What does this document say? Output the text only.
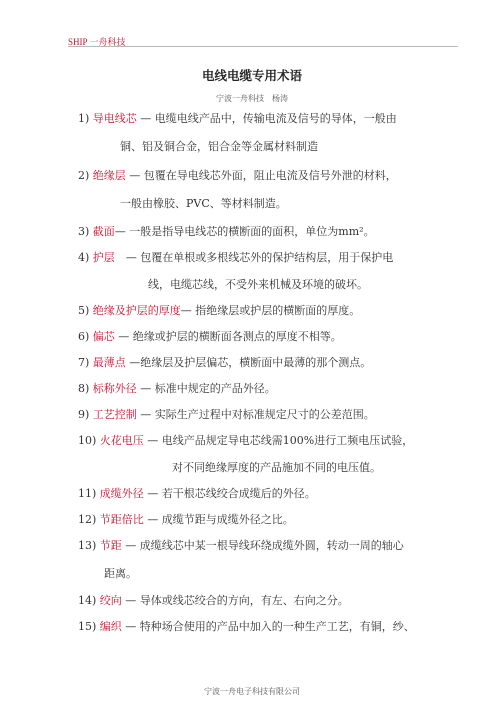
SHIP 一舟科技
电线电缆专用术语
宁波一舟科技　杨涛
1) 导电线芯 — 电缆电线产品中，传输电流及信号的导体，一般由
铜、铝及铜合金，铝合金等金属材料制造
2) 绝缘层 — 包覆在导电线芯外面，阻止电流及信号外泄的材料，
一般由橡胶、PVC、等材料制造。
3) 截面— 一般是指导电线芯的横断面的面积，单位为mm²。
4) 护层　— 包覆在单根或多根线芯外的保护结构层，用于保护电
线，电缆芯线，不受外来机械及环境的破坏。
5) 绝缘及护层的厚度— 指绝缘层或护层的横断面的厚度。
6) 偏芯 — 绝缘或护层的横断面各测点的厚度不相等。
7) 最薄点 —绝缘层及护层偏芯，横断面中最薄的那个测点。
8) 标称外径 — 标准中规定的产品外径。
9) 工艺控制 — 实际生产过程中对标准规定尺寸的公差范围。
10) 火花电压 — 电线产品规定导电芯线需100%进行工频电压试验，
对不同绝缘厚度的产品施加不同的电压值。
11) 成缆外径 — 若干根芯线绞合成缆后的外径。
12) 节距倍比 — 成缆节距与成缆外径之比。
13) 节距 — 成缆线芯中某一根导线环绕成缆外圆，转动一周的轴心
距离。
14) 绞向 — 导体或线芯绞合的方向，有左、右向之分。
15) 编织 — 特种场合使用的产品中加入的一种生产工艺，有铜，纱、
宁波一舟电子科技有限公司
